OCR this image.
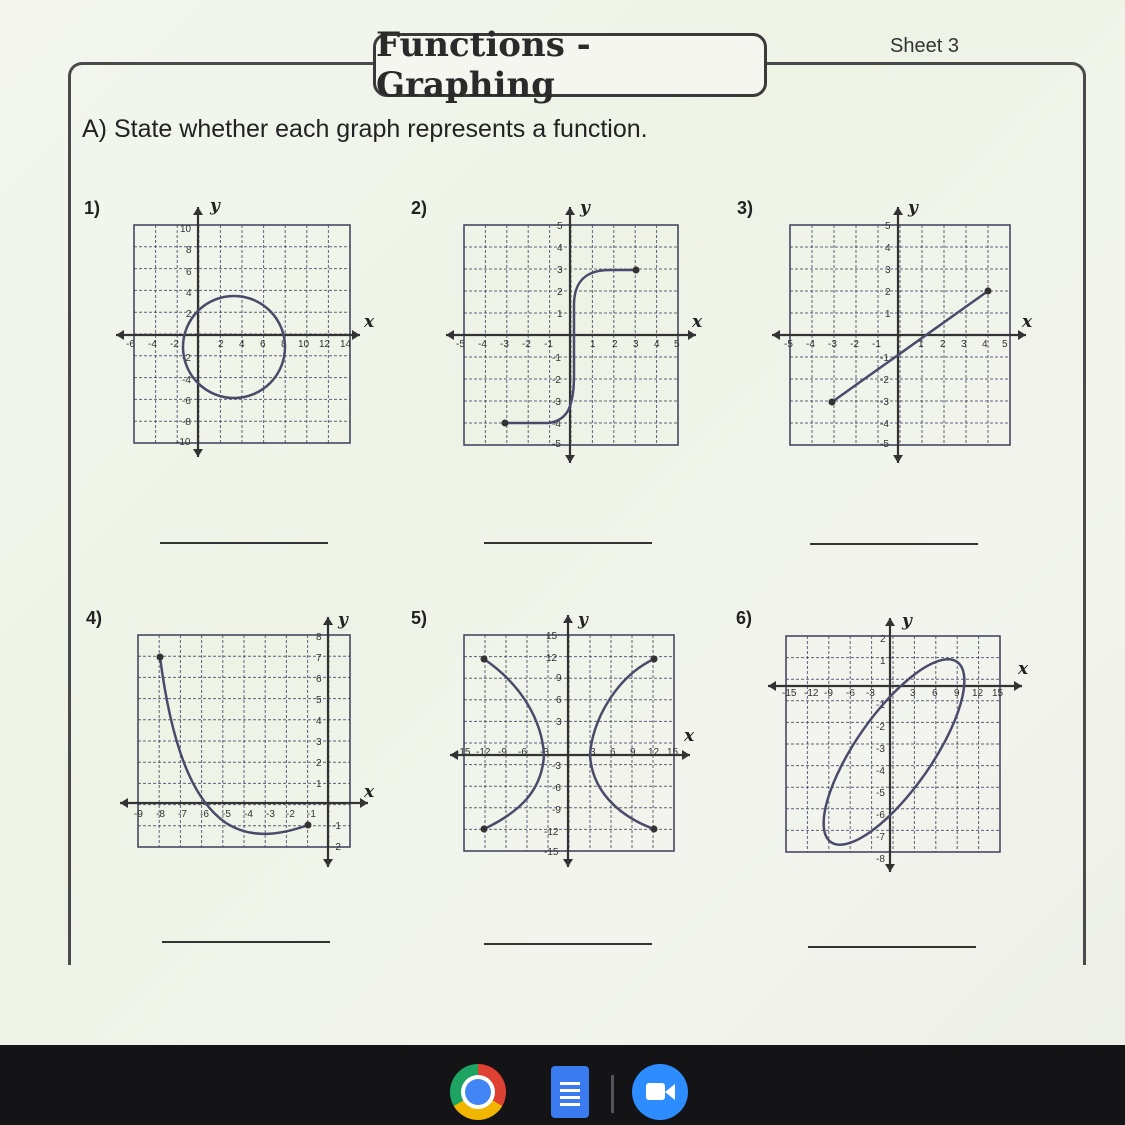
Functions - Graphing
Sheet 3
A) State whether each graph represents a function.
1)	2)	3)
4)	5)	6)
y
x
-6 -4 -2	2 4 6 8 10 12 14
10
8
6
4
2
-2
-4
-6
-8
-10
y
x
-5 -4 -3 -2 -1	1 2 3 4 5
5
4
3
2
1
-1
-2
-3
-4
-5
y
x
-5 -4 -3 -2 -1	1 2 3 4 5
5
4
3
2
1
-1
-2
-3
-4
-5
y
x
-9 -8 -7 -6 -5 -4 -3 -2 -1
8
7
6
5
4
3
2
1
-1
-2
y
x
-15 -12 -9 -6 -3	3 6 9 12 15
15
12
9
6
3
-3
-6
-9
-12
-15
y
x
-15 -12 -9 -6 -3	3 6 9 12 15
2
1
-1
-2
-3
-4
-5
-6
-7
-8
